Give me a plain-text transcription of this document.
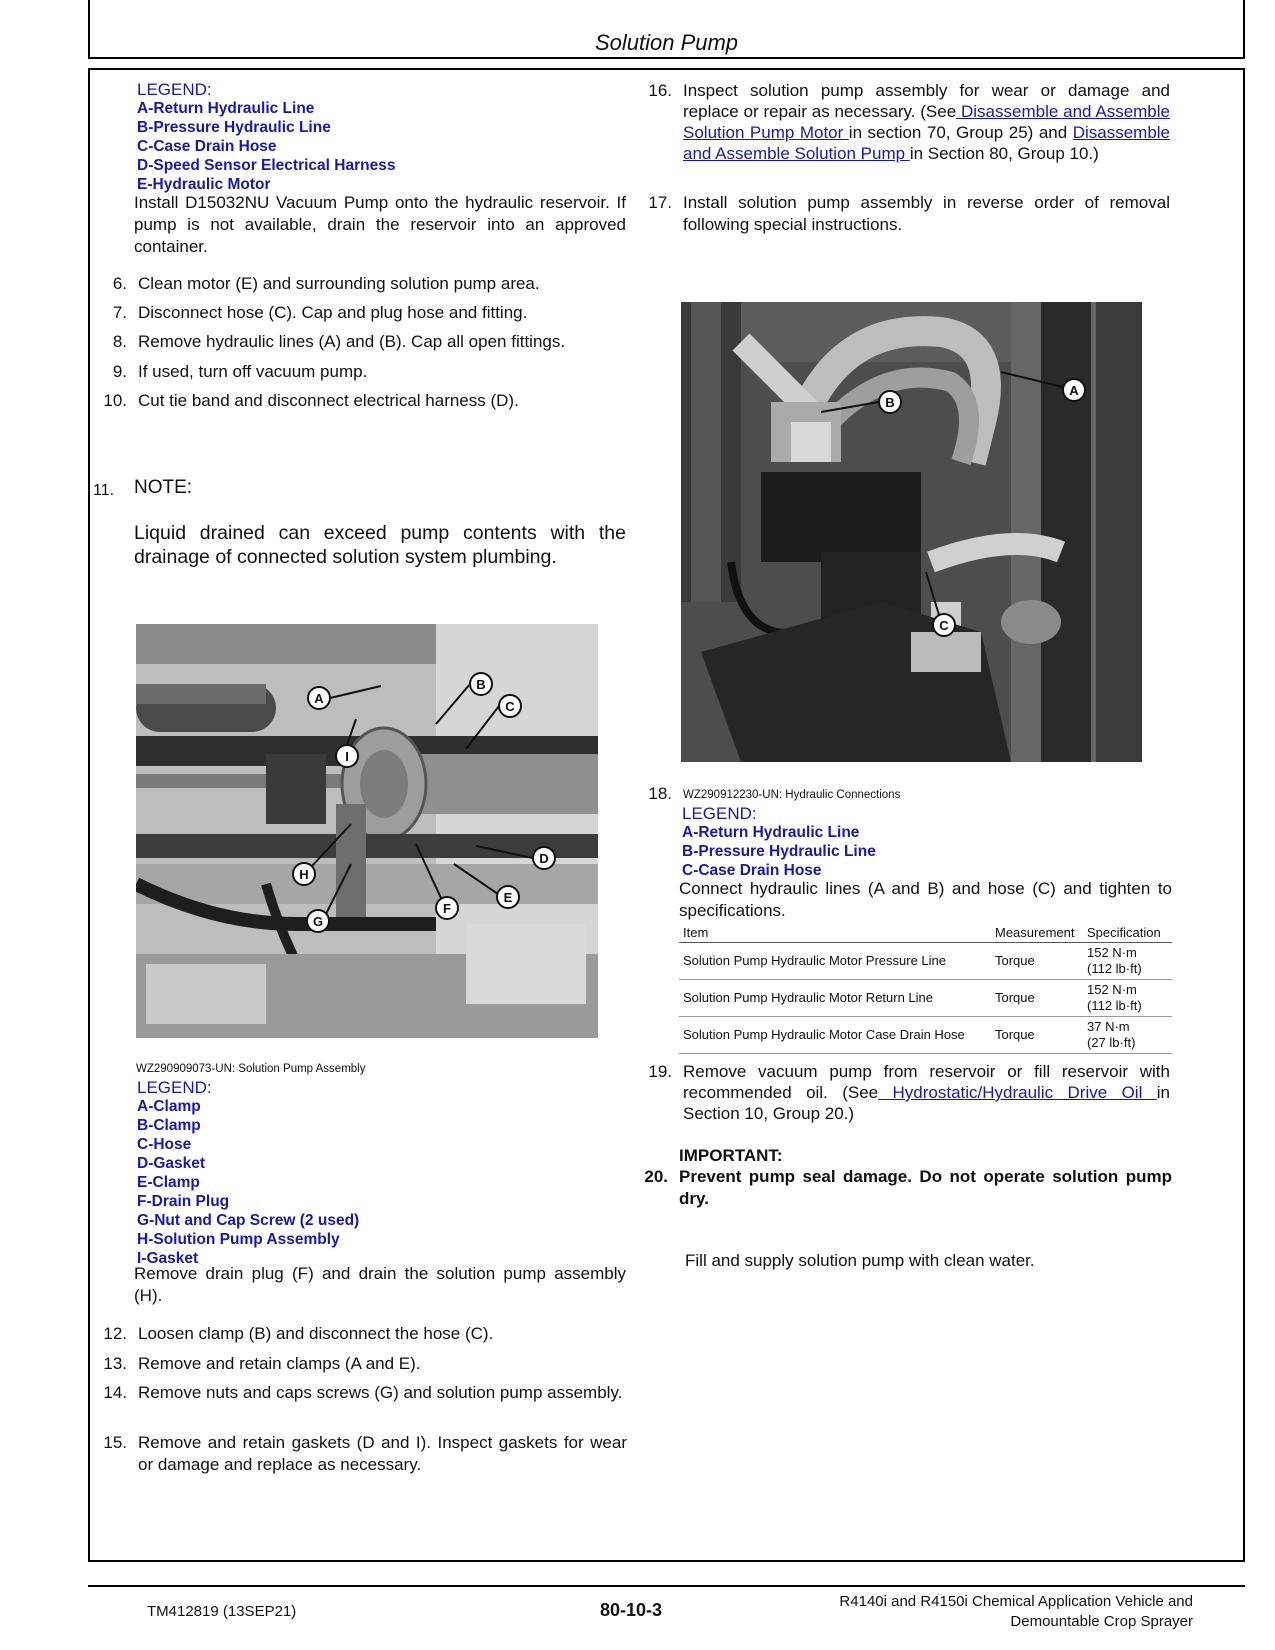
Solution Pump
LEGEND:
A-Return Hydraulic Line
B-Pressure Hydraulic Line
C-Case Drain Hose
D-Speed Sensor Electrical Harness
E-Hydraulic Motor
Install D15032NU Vacuum Pump onto the hydraulic reservoir. If pump is not available, drain the reservoir into an approved container.
6. Clean motor (E) and surrounding solution pump area.
7. Disconnect hose (C). Cap and plug hose and fitting.
8. Remove hydraulic lines (A) and (B). Cap all open fittings.
9. If used, turn off vacuum pump.
10. Cut tie band and disconnect electrical harness (D).
11.	NOTE:
Liquid drained can exceed pump contents with the drainage of connected solution system plumbing.
A
B
C
I
D
H
E
F
G
WZ290909073-UN: Solution Pump Assembly
LEGEND:
A-Clamp
B-Clamp
C-Hose
D-Gasket
E-Clamp
F-Drain Plug
G-Nut and Cap Screw (2 used)
H-Solution Pump Assembly
I-Gasket
Remove drain plug (F) and drain the solution pump assembly (H).
12. Loosen clamp (B) and disconnect the hose (C).
13. Remove and retain clamps (A and E).
14. Remove nuts and caps screws (G) and solution pump assembly.
15. Remove and retain gaskets (D and I). Inspect gaskets for wear or damage and replace as necessary.
16. Inspect solution pump assembly for wear or damage and replace or repair as necessary. (See Disassemble and Assemble Solution Pump Motor in section 70, Group 25) and Disassemble and Assemble Solution Pump in Section 80, Group 10.)
17. Install solution pump assembly in reverse order of removal following special instructions.
B
A
C
18. WZ290912230-UN: Hydraulic Connections
LEGEND:
A-Return Hydraulic Line
B-Pressure Hydraulic Line
C-Case Drain Hose
Connect hydraulic lines (A and B) and hose (C) and tighten to specifications.
Item	Measurement	Specification
Solution Pump Hydraulic Motor Pressure Line	Torque	152 N·m
(112 lb·ft)

Solution Pump Hydraulic Motor Return Line	Torque	152 N·m
(112 lb·ft)

Solution Pump Hydraulic Motor Case Drain Hose	Torque	37 N·m
(27 lb·ft)
19. Remove vacuum pump from reservoir or fill reservoir with recommended oil. (See Hydrostatic/Hydraulic Drive Oil in Section 10, Group 20.)
IMPORTANT:
20. Prevent pump seal damage. Do not operate solution pump dry.
Fill and supply solution pump with clean water.
TM412819 (13SEP21)	80-10-3	R4140i and R4150i Chemical Application Vehicle and
Demountable Crop Sprayer
